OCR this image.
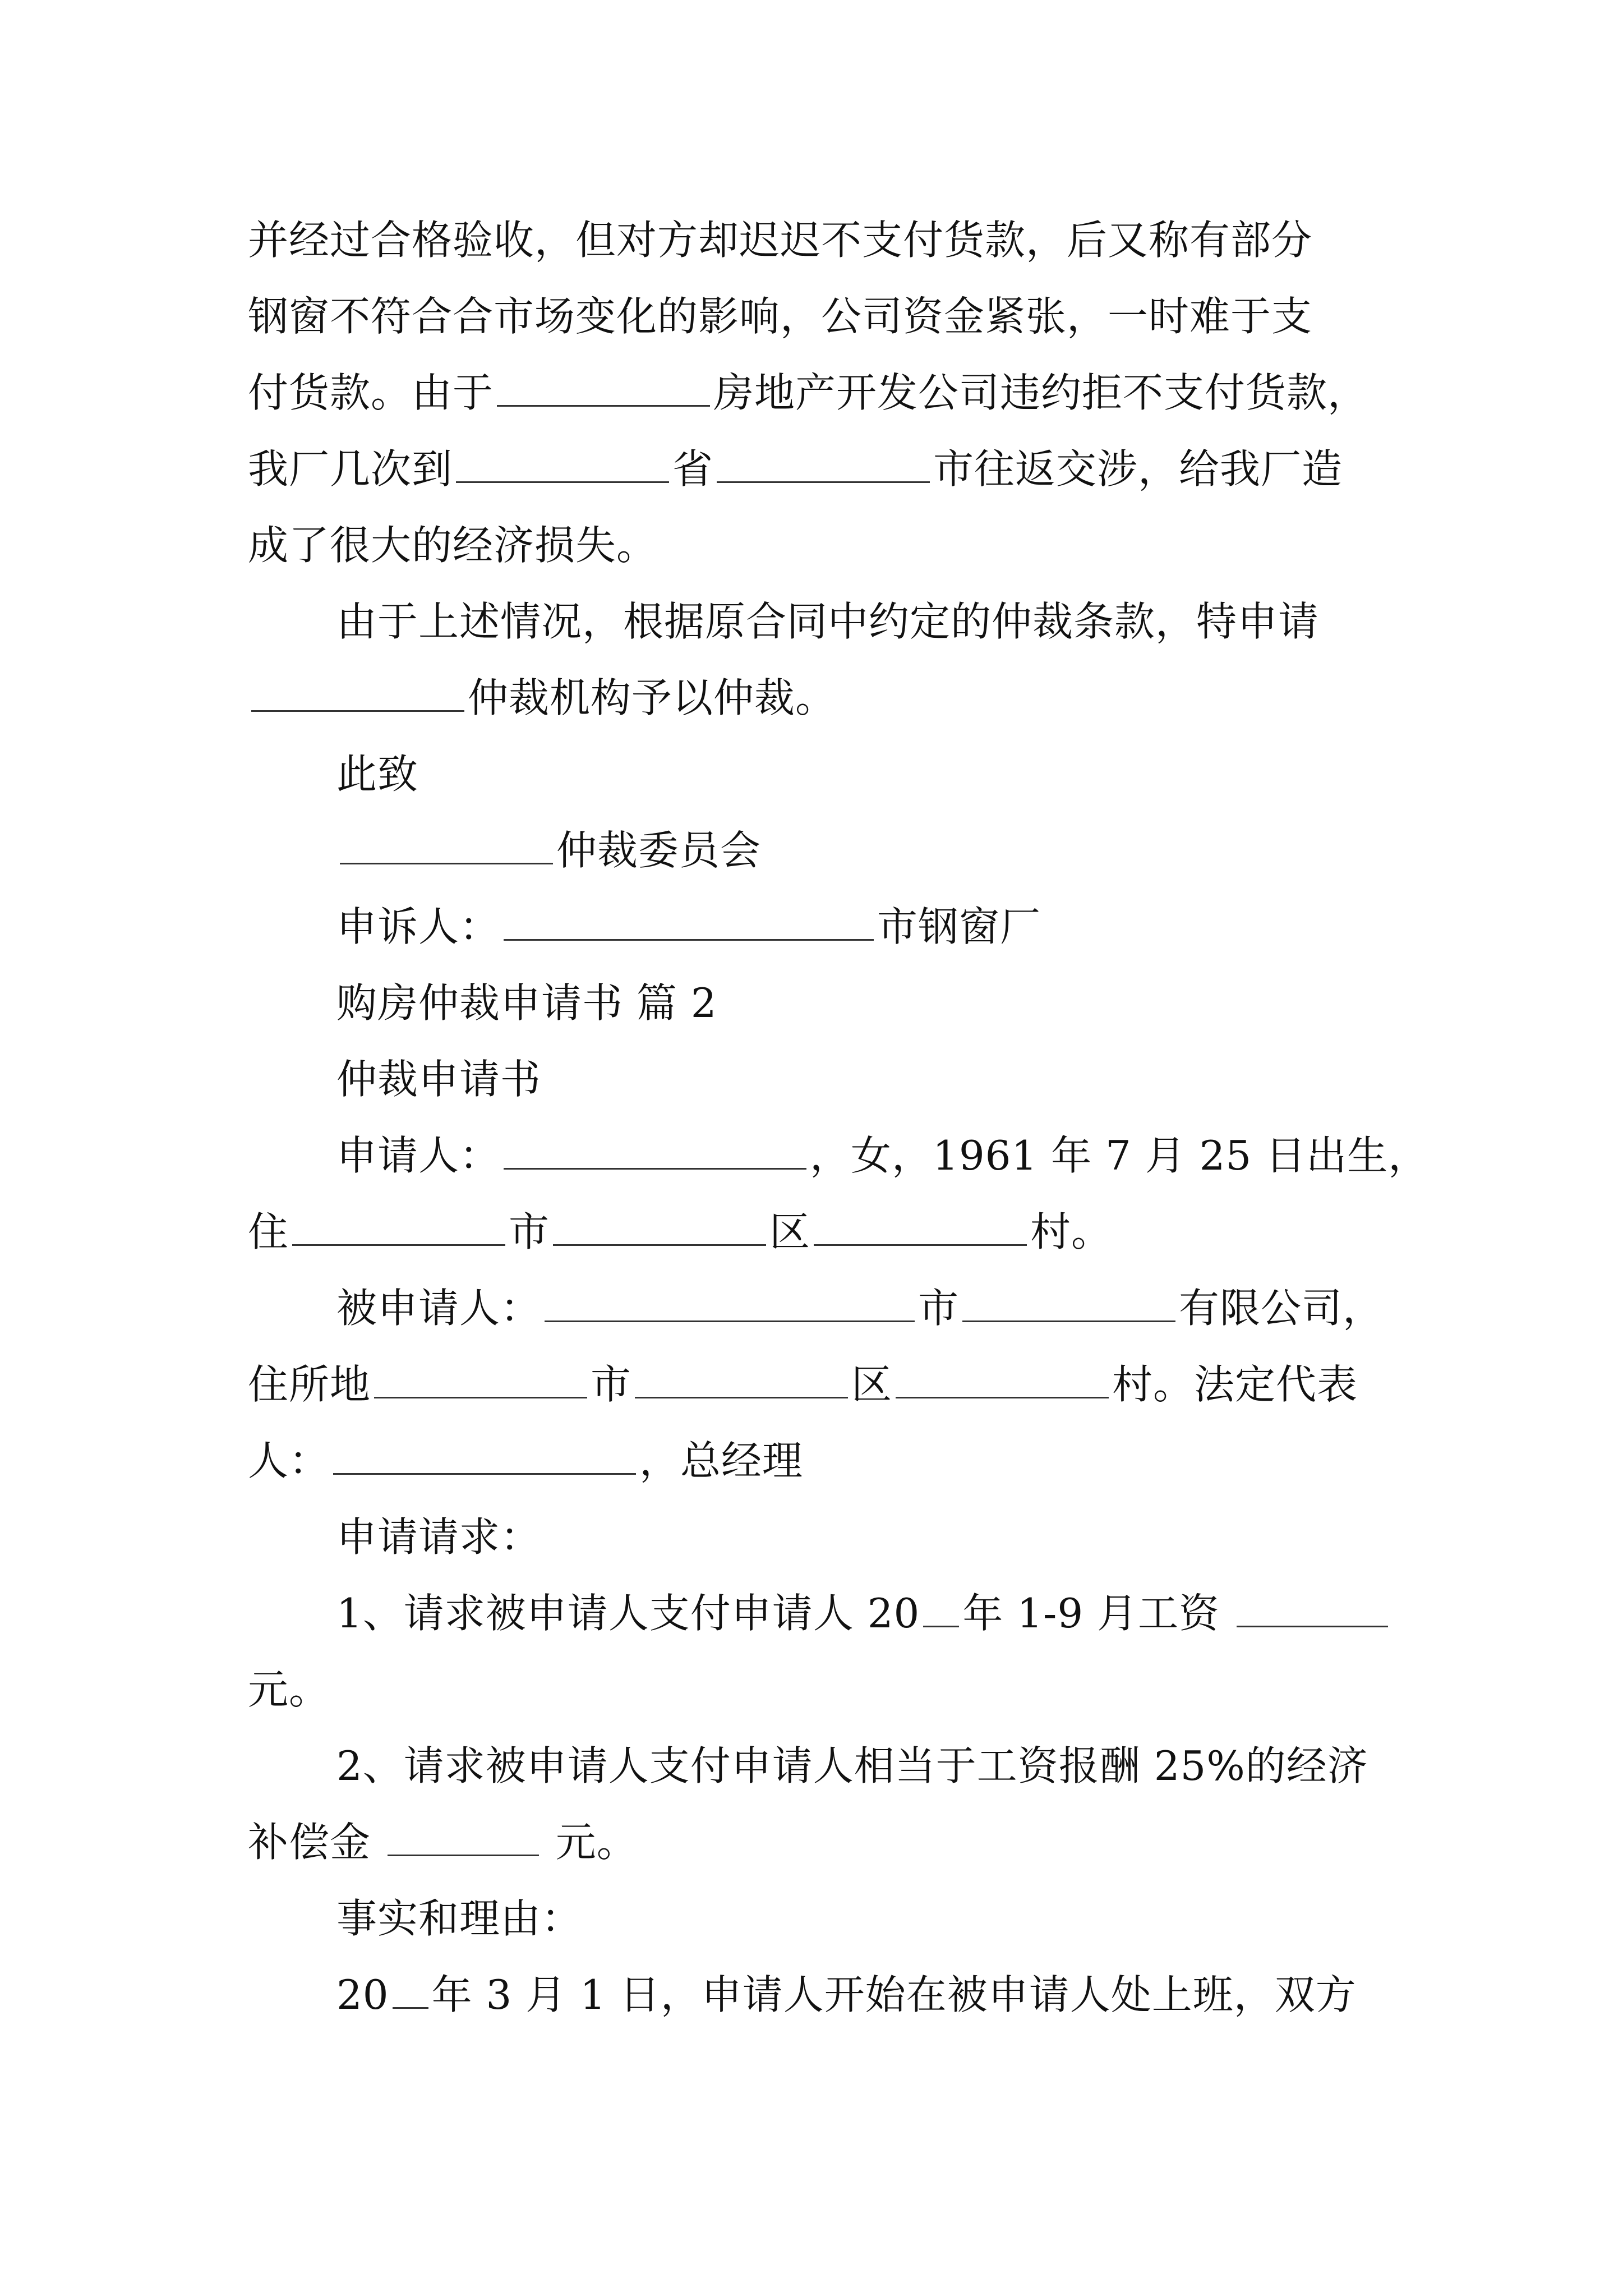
并经过合格验收，但对方却迟迟不支付货款，后又称有部分
钢窗不符合合市场变化的影响，公司资金紧张，一时难于支
付货款。由于	房地产开发公司违约拒不支付货款，
我厂几次到	省	市往返交涉，给我厂造
成了很大的经济损失。
由于上述情况，根据原合同中约定的仲裁条款，特申请
仲裁机构予以仲裁。
此致
仲裁委员会
申诉人：	市钢窗厂
购房仲裁申请书 篇 2
仲裁申请书
申请人：	，女，1961 年 7 月 25 日出生，
住	市	区	村。
被申请人：	市	有限公司，
住所地	市	区	村。法定代表
人：	，总经理
申请请求：
1、请求被申请人支付申请人 20 年 1-9 月工资
元。
2、请求被申请人支付申请人相当于工资报酬 25%的经济
补偿金	元。
事实和理由：
20 年 3 月 1 日，申请人开始在被申请人处上班，双方
